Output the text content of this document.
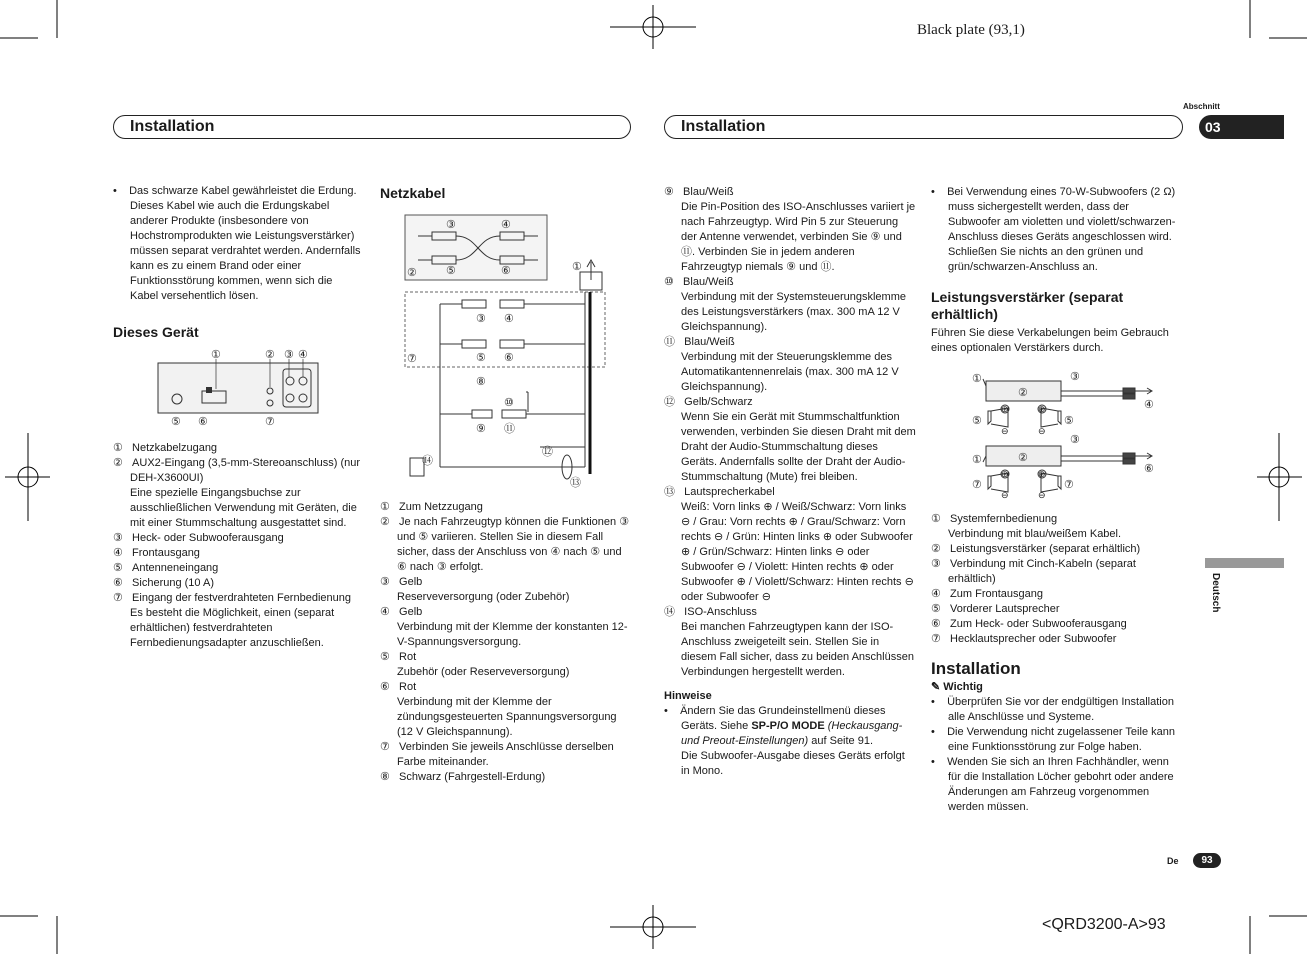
Black plate (93,1)
<QRD3200-A>93
Installation	Installation
Abschnitt
03
Deutsch

•    Das schwarze Kabel gewährleistet die Erdung. Dieses Kabel wie auch die Erdungskabel anderer Produkte (insbesondere von Hochstromprodukten wie Leistungsverstärker) müssen separat verdrahtet werden. Andernfalls kann es zu einem Brand oder einer Funktionsstörung kommen, wenn sich die Kabel versehentlich lösen.

Dieses Gerät
①	② ③ ④
⑤ ⑥	⑦

① Netzkabelzugang

② AUX2-Eingang (3,5-mm-Stereoanschluss) (nur DEH-X3600UI)

Eine spezielle Eingangsbuchse zur ausschließlichen Verwendung mit Geräten, die mit einer Stummschaltung ausgestattet sind.

③ Heck- oder Subwooferausgang

④ Frontausgang

⑤ Antenneneingang

⑥ Sicherung (10 A)

⑦ Eingang der festverdrahteten Fernbedienung

Es besteht die Möglichkeit, einen (separat erhältlichen) festverdrahteten Fernbedienungsadapter anzuschließen.

Netzkabel
③	④
②	⑤	⑥	①
③ ④
⑤ ⑥
⑦
⑧
⑩
⑨ ⑪
⑫
⑭
⑬

① Zum Netzzugang

② Je nach Fahrzeugtyp können die Funktionen ③ und ⑤ variieren. Stellen Sie in diesem Fall sicher, dass der Anschluss von ④ nach ⑤ und ⑥ nach ③ erfolgt.

③ Gelb

Reserveversorgung (oder Zubehör)

④ Gelb

Verbindung mit der Klemme der konstanten 12-V-Spannungsversorgung.

⑤ Rot

Zubehör (oder Reserveversorgung)

⑥ Rot

Verbindung mit der Klemme der zündungsgesteuerten Spannungsversorgung (12 V Gleichspannung).

⑦ Verbinden Sie jeweils Anschlüsse derselben Farbe miteinander.

⑧ Schwarz (Fahrgestell-Erdung)

⑨ Blau/Weiß

Die Pin-Position des ISO-Anschlusses variiert je nach Fahrzeugtyp. Wird Pin 5 zur Steuerung der Antenne verwendet, verbinden Sie ⑨ und ⑪. Verbinden Sie in jedem anderen Fahrzeugtyp niemals ⑨ und ⑪.

⑩ Blau/Weiß

Verbindung mit der Systemsteuerungsklemme des Leistungsverstärkers (max. 300 mA 12 V Gleichspannung).

⑪ Blau/Weiß

Verbindung mit der Steuerungsklemme des Automatikantennenrelais (max. 300 mA 12 V Gleichspannung).

⑫ Gelb/Schwarz

Wenn Sie ein Gerät mit Stummschaltfunktion verwenden, verbinden Sie diesen Draht mit dem Draht der Audio-Stummschaltung dieses Geräts. Andernfalls sollte der Draht der Audio-Stummschaltung (Mute) frei bleiben.

⑬ Lautsprecherkabel

Weiß: Vorn links ⊕ / Weiß/Schwarz: Vorn links ⊖ / Grau: Vorn rechts ⊕ / Grau/Schwarz: Vorn rechts ⊖ / Grün: Hinten links ⊕ oder Subwoofer ⊕ / Grün/Schwarz: Hinten links ⊖ oder Subwoofer ⊖ / Violett: Hinten rechts ⊕ oder Subwoofer ⊕ / Violett/Schwarz: Hinten rechts ⊖ oder Subwoofer ⊖

⑭ ISO-Anschluss

Bei manchen Fahrzeugtypen kann der ISO-Anschluss zweigeteilt sein. Stellen Sie in diesem Fall sicher, dass zu beiden Anschlüssen Verbindungen hergestellt werden.

Hinweise

•    Ändern Sie das Grundeinstellmenü dieses Geräts. Siehe SP-P/O MODE (Heckausgang- und Preout-Einstellungen) auf Seite 91.

Die Subwoofer-Ausgabe dieses Geräts erfolgt in Mono.

•    Bei Verwendung eines 70-W-Subwoofers (2 Ω) muss sichergestellt werden, dass der Subwoofer am violetten und violett/schwarzen-Anschluss dieses Geräts angeschlossen wird. Schließen Sie nichts an den grünen und grün/schwarzen-Anschluss an.

Leistungsverstärker (separat erhältlich)

Führen Sie diese Verkabelungen beim Gebrauch eines optionalen Verstärkers durch.

①
②
③
④
⑤	⑤
③
①	②
⑥
⑦	⑦
⊕	⊕
⊖	⊖
⊕	⊕
⊖	⊖

① Systemfernbedienung

Verbindung mit blau/weißem Kabel.

② Leistungsverstärker (separat erhältlich)

③ Verbindung mit Cinch-Kabeln (separat erhältlich)

④ Zum Frontausgang

⑤ Vorderer Lautsprecher

⑥ Zum Heck- oder Subwooferausgang

⑦ Hecklautsprecher oder Subwoofer

Installation

✎ Wichtig

•    Überprüfen Sie vor der endgültigen Installation alle Anschlüsse und Systeme.

•    Die Verwendung nicht zugelassener Teile kann eine Funktionsstörung zur Folge haben.

•    Wenden Sie sich an Ihren Fachhändler, wenn für die Installation Löcher gebohrt oder andere Änderungen am Fahrzeug vorgenommen werden müssen.

De	93
